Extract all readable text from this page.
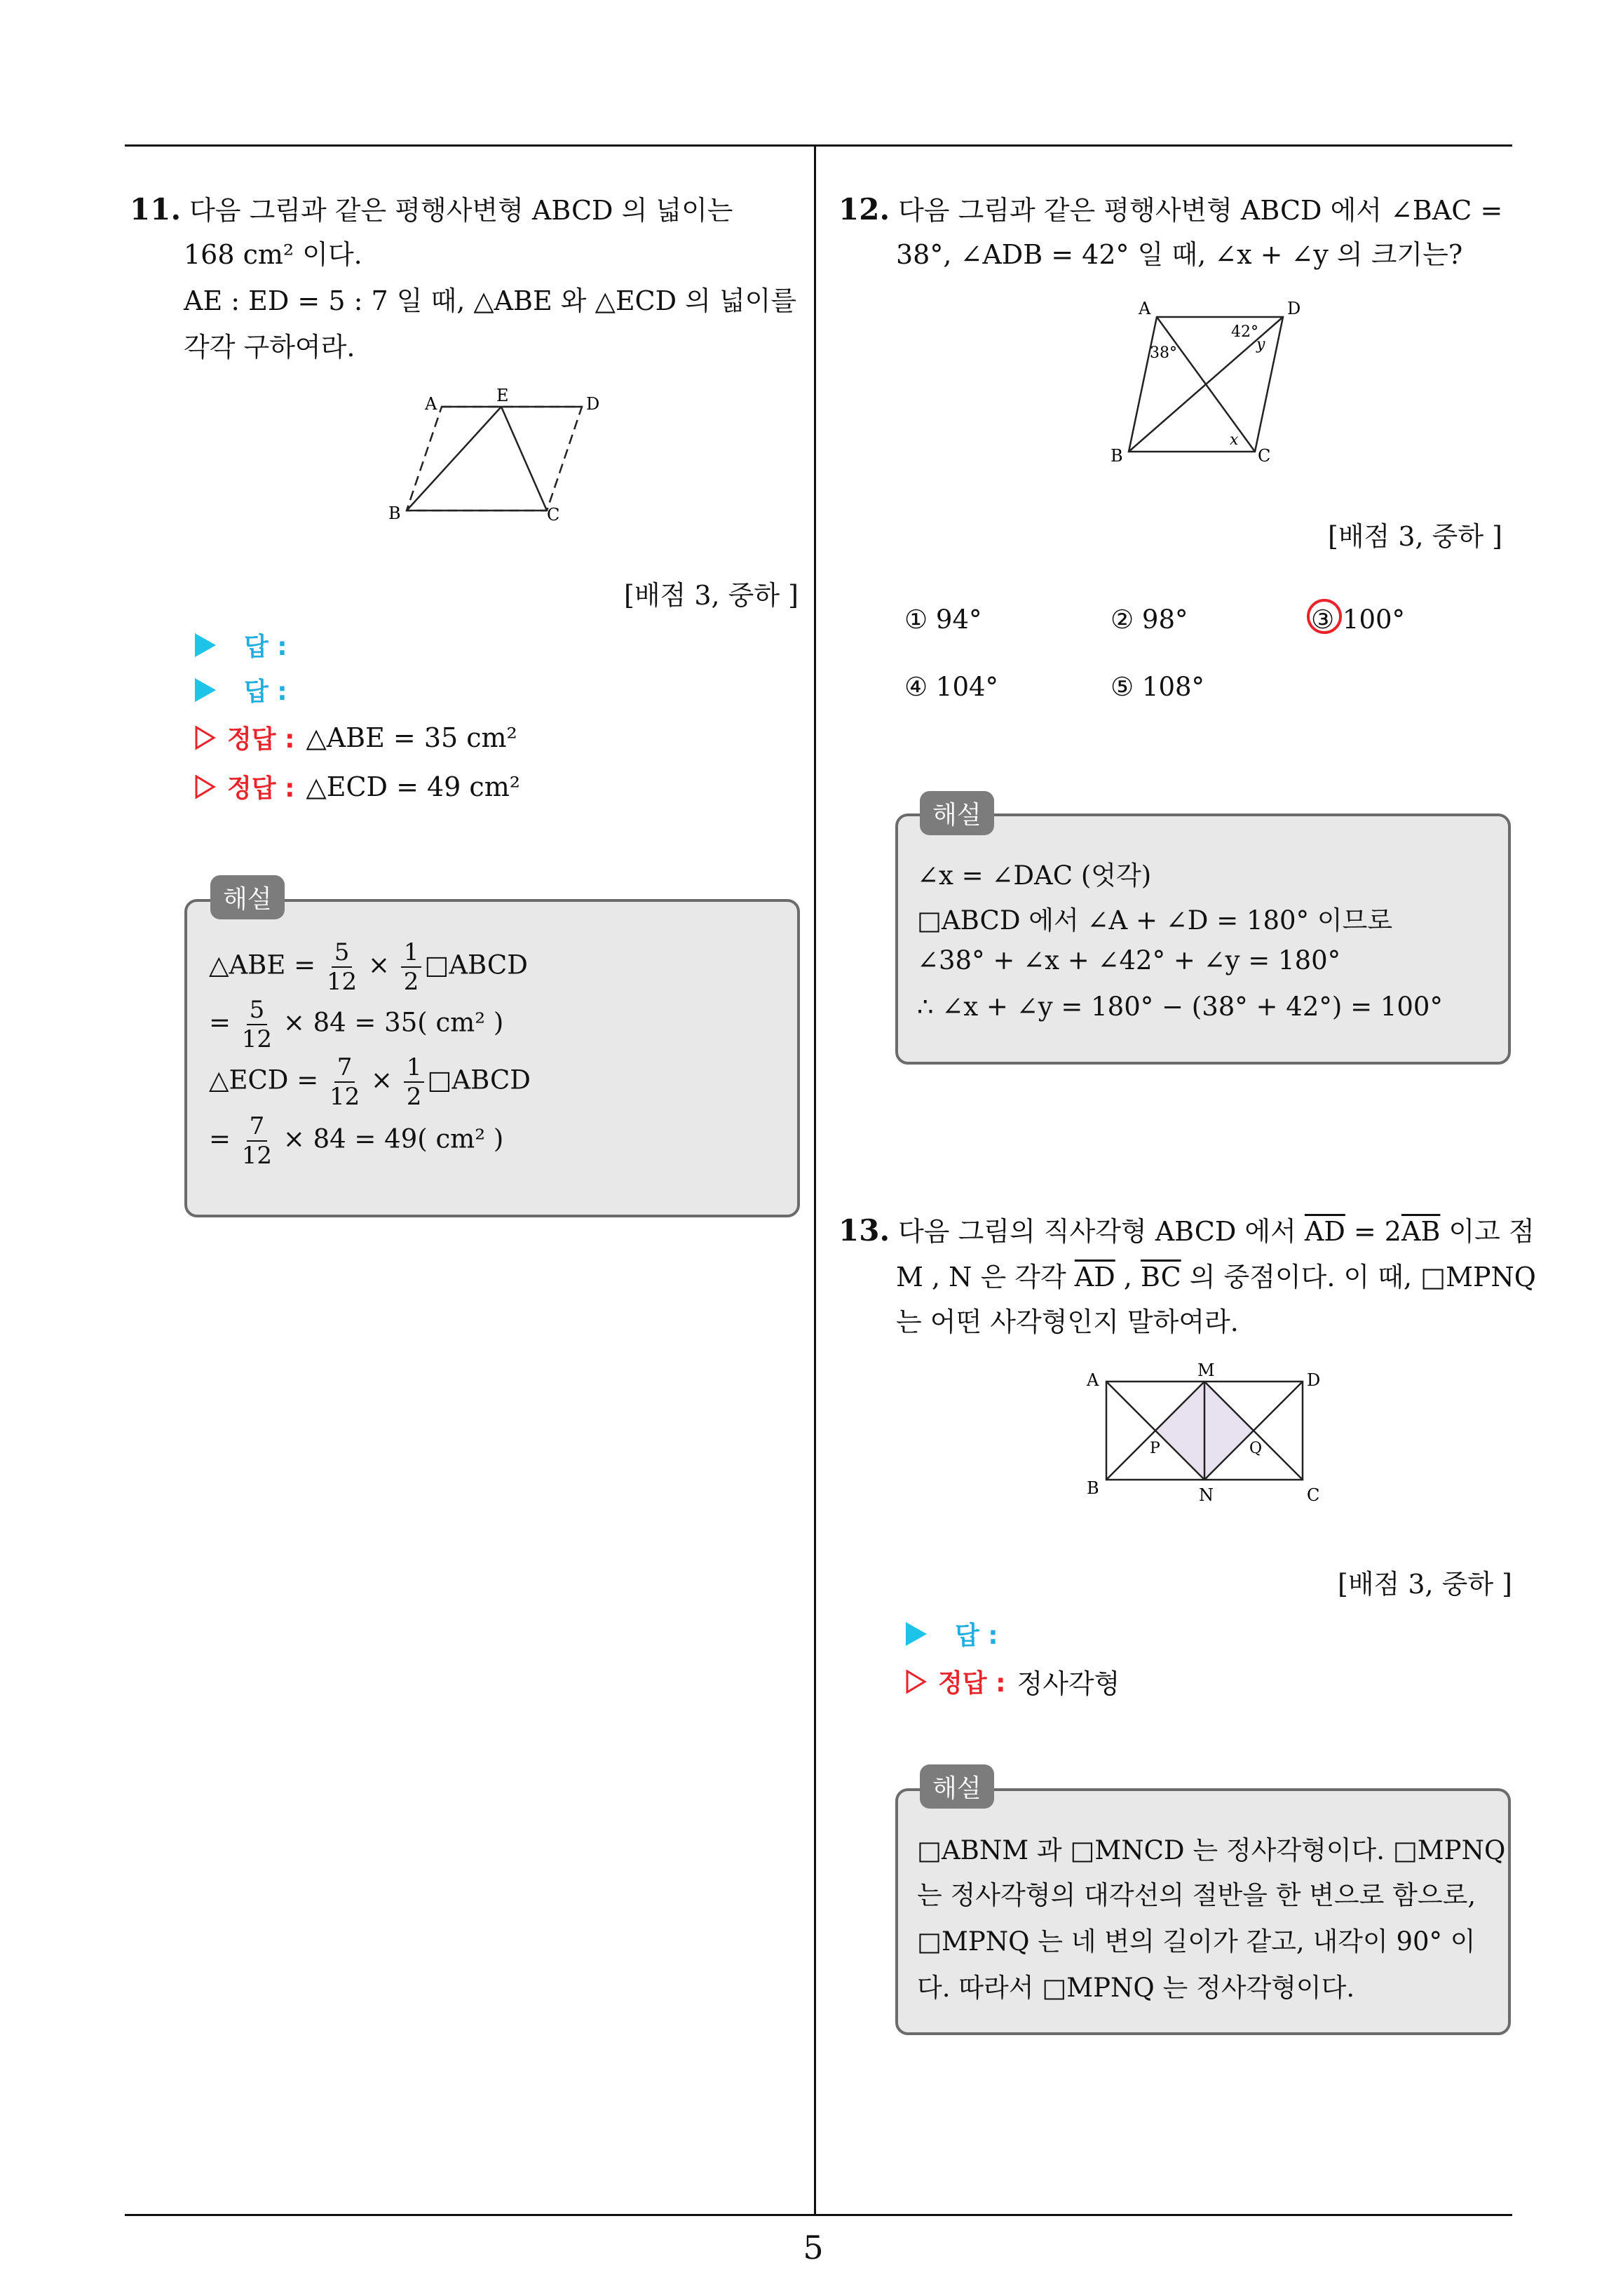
5
11. 다음 그림과 같은 평행사변형 ABCD 의 넓이는
168 cm² 이다.
AE : ED = 5 : 7 일 때, △ABE 와 △ECD 의 넓이를
각각 구하여라.
A	E	D
B	C
[배점 3, 중하 ]
답 :
답 :
정답 : △ABE = 35 cm²
정답 : △ECD = 49 cm²
해설
△ABE = $\frac{5}{12} \times \frac{1}{2}$ □ABCD
= $\frac{5}{12} \times 84 = 35$( cm² )
△ECD = $\frac{7}{12} \times \frac{1}{2}$ □ABCD
= $\frac{7}{12} \times 84 = 49$( cm² )
12. 다음 그림과 같은 평행사변형 ABCD 에서 ∠BAC =
38°, ∠ADB = 42° 일 때, ∠x + ∠y 의 크기는?
A	D
B	C
38°
42°
y
x
[배점 3, 중하 ]
① 94°	② 98°	③ 100°
④ 104°	⑤ 108°
해설
∠x = ∠DAC (엇각)
□ABCD 에서 ∠A + ∠D = 180° 이므로
∠38° + ∠x + ∠42° + ∠y = 180°
∴ ∠x + ∠y = 180° − (38° + 42°) = 100°
13. 다음 그림의 직사각형 ABCD 에서 $\overline{AD} = 2\overline{AB}$ 이고 점
M , N 은 각각 $\overline{AD}$ , $\overline{BC}$ 의 중점이다. 이 때, □MPNQ
는 어떤 사각형인지 말하여라.
A	M	D
P	Q
B	N	C
[배점 3, 중하 ]
답 :
정답 : 정사각형
해설
□ABNM 과 □MNCD 는 정사각형이다. □MPNQ
는 정사각형의 대각선의 절반을 한 변으로 함으로,
□MPNQ 는 네 변의 길이가 같고, 내각이 90° 이
다. 따라서 □MPNQ 는 정사각형이다.
